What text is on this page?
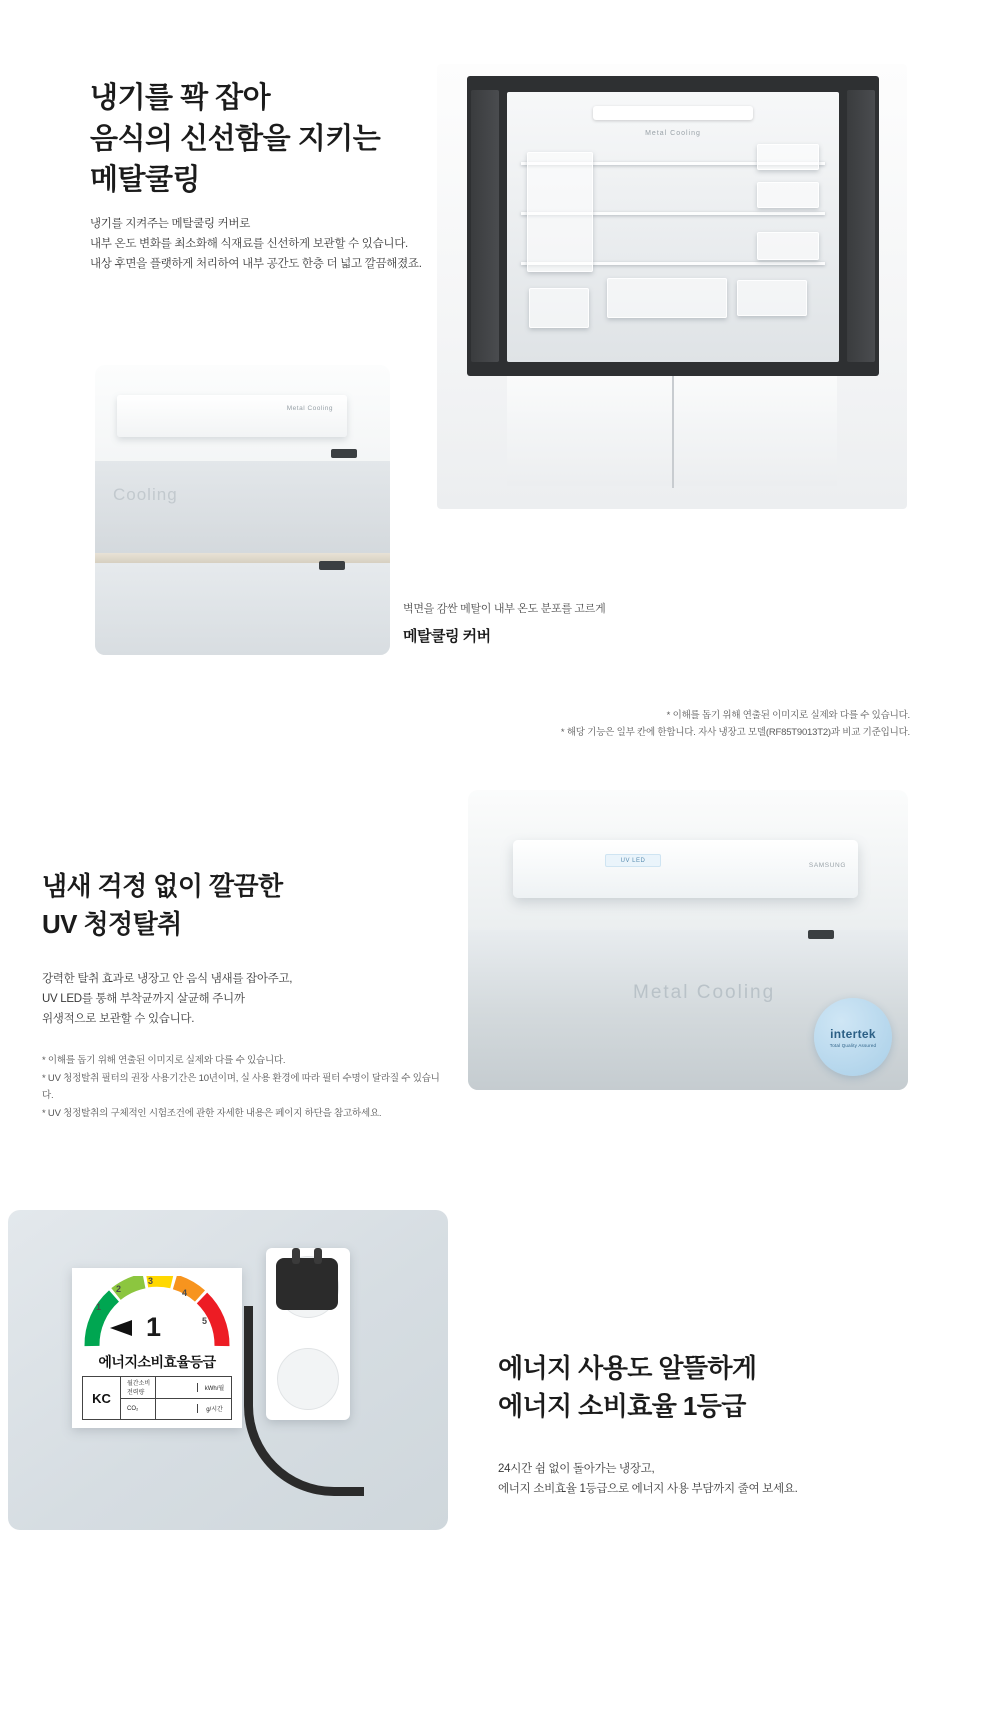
냉기를 꽉 잡아
음식의 신선함을 지키는
메탈쿨링
냉기를 지켜주는 메탈쿨링 커버로
내부 온도 변화를 최소화해 식재료를 신선하게 보관할 수 있습니다.
내상 후면을 플랫하게 처리하여 내부 공간도 한층 더 넓고 깔끔해졌죠.
Metal Cooling
Metal Cooling
Cooling
벽면을 감싼 메탈이 내부 온도 분포를 고르게
메탈쿨링 커버
* 이해를 돕기 위해 연출된 이미지로 실제와 다를 수 있습니다.
* 해당 기능은 일부 칸에 한합니다. 자사 냉장고 모델(RF85T9013T2)과 비교 기준입니다.
냄새 걱정 없이 깔끔한
UV 청정탈취
강력한 탈취 효과로 냉장고 안 음식 냄새를 잡아주고,
UV LED를 통해 부착균까지 살균해 주니까
위생적으로 보관할 수 있습니다.
* 이해를 돕기 위해 연출된 이미지로 실제와 다를 수 있습니다.
* UV 청정탈취 필터의 권장 사용기간은 10년이며, 실 사용 환경에 따라 필터 수명이 달라질 수 있습니다.
* UV 청정탈취의 구체적인 시험조건에 관한 자세한 내용은 페이지 하단을 참고하세요.
UV LED
SAMSUNG
Metal Cooling
intertek
Total Quality Assured
1
2
3
4
5
1
에너지소비효율등급
KC
월간소비전력량
kWh/월
CO₂	g/시간
에너지 사용도 알뜰하게
에너지 소비효율 1등급
24시간 쉼 없이 돌아가는 냉장고,
에너지 소비효율 1등급으로 에너지 사용 부담까지 줄여 보세요.
